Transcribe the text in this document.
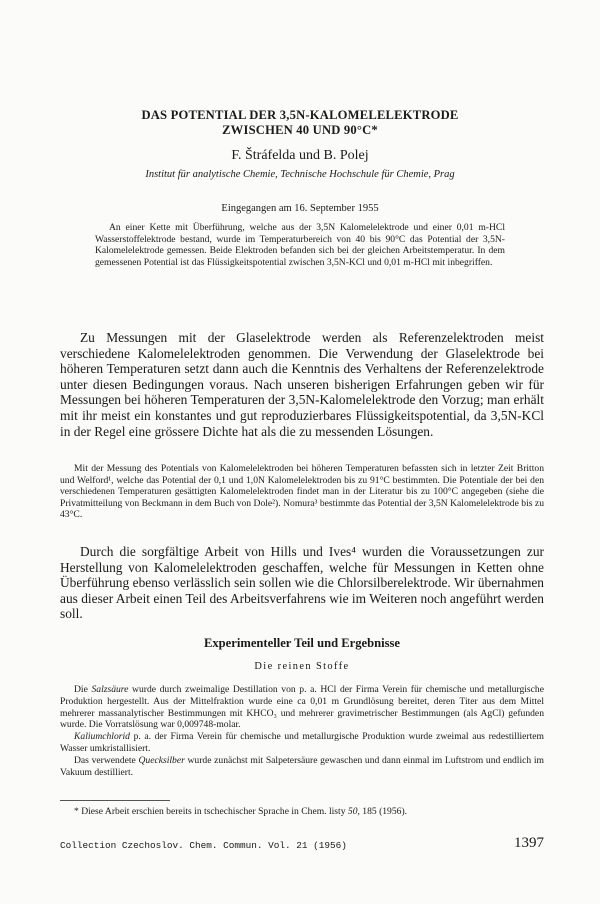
DAS POTENTIAL DER 3,5N-KALOMELELEKTRODE
ZWISCHEN 40 UND 90°C*
F. Štráfelda und B. Polej
Institut für analytische Chemie, Technische Hochschule für Chemie, Prag
Eingegangen am 16. September 1955

An einer Kette mit Überführung, welche aus der 3,5N Kalomelelektrode und einer 0,01 m-HCl Wasserstoffelektrode bestand, wurde im Temperaturbereich von 40 bis 90°C das Potential der 3,5N-Kalomelelektrode gemessen. Beide Elektroden befanden sich bei der gleichen Arbeitstemperatur. In dem gemessenen Potential ist das Flüssigkeitspotential zwischen 3,5N-KCl und 0,01 m-HCl mit inbegriffen.

Zu Messungen mit der Glaselektrode werden als Referenzelektroden meist verschiedene Kalomelelektroden genommen. Die Verwendung der Glaselektrode bei höheren Temperaturen setzt dann auch die Kenntnis des Verhaltens der Referenzelektrode unter diesen Bedingungen voraus. Nach unseren bisherigen Erfahrungen geben wir für Messungen bei höheren Temperaturen der 3,5N-Kalomelelektrode den Vorzug; man erhält mit ihr meist ein konstantes und gut reproduzierbares Flüssigkeitspotential, da 3,5N-KCl in der Regel eine grössere Dichte hat als die zu messenden Lösungen.

Mit der Messung des Potentials von Kalomelelektroden bei höheren Temperaturen befassten sich in letzter Zeit Britton und Welford¹, welche das Potential der 0,1 und 1,0N Kalomelelektroden bis zu 91°C bestimmten. Die Potentiale der bei den verschiedenen Temperaturen gesättigten Kalomelelektroden findet man in der Literatur bis zu 100°C angegeben (siehe die Privatmitteilung von Beckmann in dem Buch von Dole²). Nomura³ bestimmte das Potential der 3,5N Kalomelelektrode bis zu 43°C.

Durch die sorgfältige Arbeit von Hills und Ives⁴ wurden die Voraussetzungen zur Herstellung von Kalomelelektroden geschaffen, welche für Messungen in Ketten ohne Überführung ebenso verlässlich sein sollen wie die Chlorsilberelektrode. Wir übernahmen aus dieser Arbeit einen Teil des Arbeitsverfahrens wie im Weiteren noch angeführt werden soll.

Experimenteller Teil und Ergebnisse
Die reinen Stoffe

Die Salzsäure wurde durch zweimalige Destillation von p. a. HCl der Firma Verein für chemische und metallurgische Produktion hergestellt. Aus der Mittelfraktion wurde eine ca 0,01 m Grundlösung bereitet, deren Titer aus dem Mittel mehrerer massanalytischer Bestimmungen mit KHCO₃ und mehrerer gravimetrischer Bestimmungen (als AgCl) gefunden wurde. Die Vorratslösung war 0,009748-molar.

Kaliumchlorid p. a. der Firma Verein für chemische und metallurgische Produktion wurde zweimal aus redestilliertem Wasser umkristallisiert.

Das verwendete Quecksilber wurde zunächst mit Salpetersäure gewaschen und dann einmal im Luftstrom und endlich im Vakuum destilliert.

* Diese Arbeit erschien bereits in tschechischer Sprache in Chem. listy 50, 185 (1956).
Collection Czechoslov. Chem. Commun. Vol. 21 (1956)	1397
